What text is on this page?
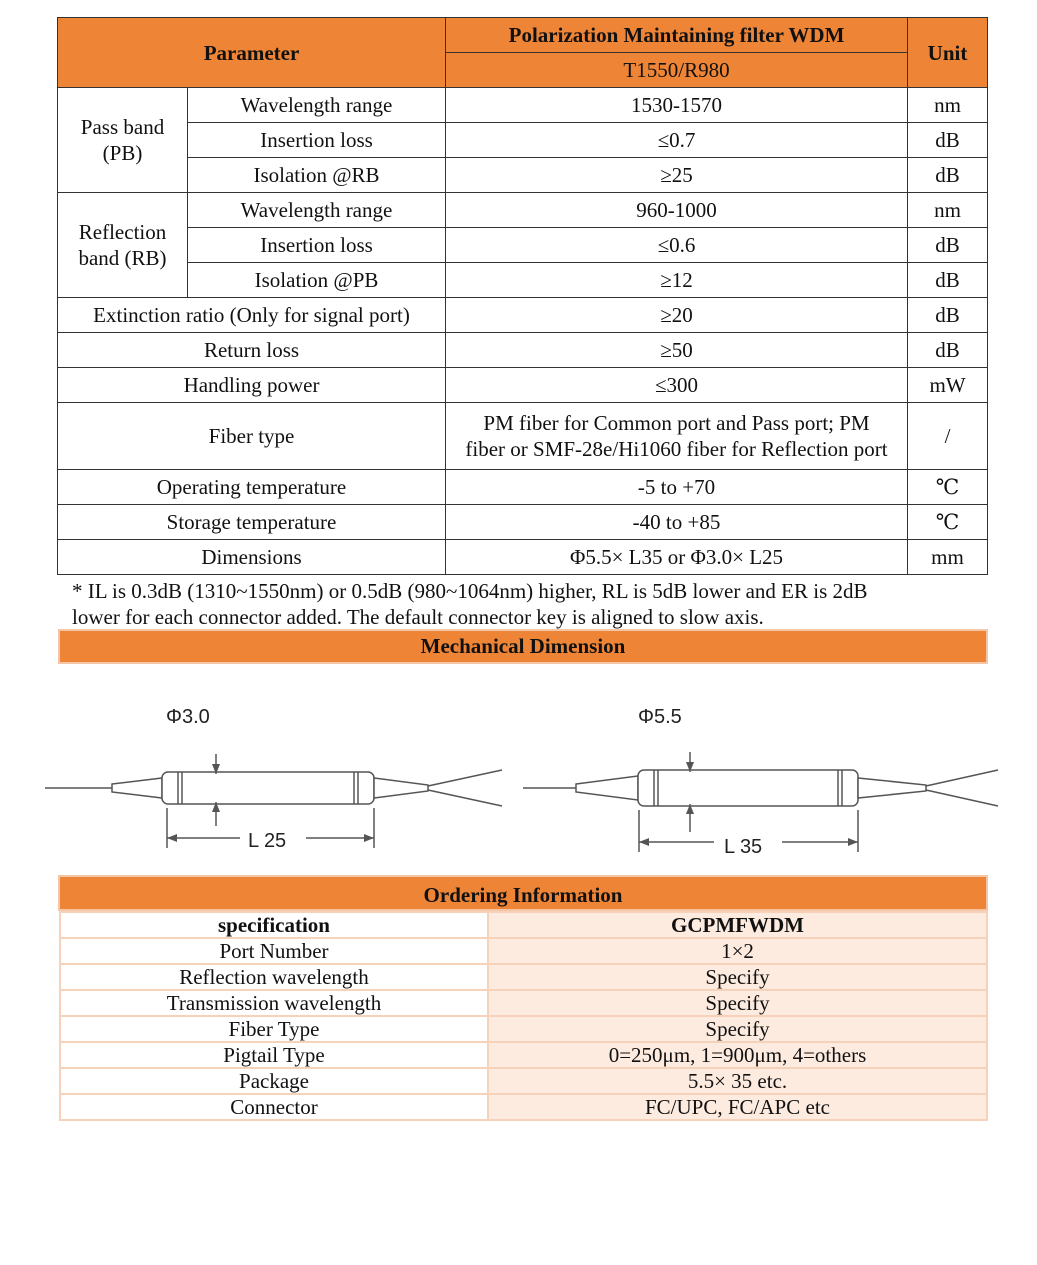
Parameter		Polarization Maintaining filter WDM	Unit
		T1550/R980	
Pass band
(PB)	Wavelength range	1530-1570	nm
	Insertion loss	≤0.7	dB
	Isolation @RB	≥25	dB
Reflection
band (RB)	Wavelength range	960-1000	nm
	Insertion loss	≤0.6	dB
	Isolation @PB	≥12	dB
Extinction ratio (Only for signal port)		≥20	dB
Return loss		≥50	dB
Handling power		≤300	mW
Fiber type		PM fiber for Common port and Pass port; PM
fiber or SMF-28e/Hi1060 fiber for Reflection port	/
Operating temperature		-5 to +70	℃
Storage temperature		-40 to +85	℃
Dimensions		Φ5.5× L35 or Φ3.0× L25	mm
* IL is 0.3dB (1310~1550nm) or 0.5dB (980~1064nm) higher, RL is 5dB lower and ER is 2dB
lower for each connector added. The default connector key is aligned to slow axis.
Mechanical Dimension
Φ3.0
L 25
Φ5.5
L 35
Ordering Information
specification	GCPMFWDM
Port Number	1×2
Reflection wavelength	Specify
Transmission wavelength	Specify
Fiber Type	Specify
Pigtail Type	0=250μm, 1=900μm, 4=others
Package	5.5× 35 etc.
Connector	FC/UPC, FC/APC etc
